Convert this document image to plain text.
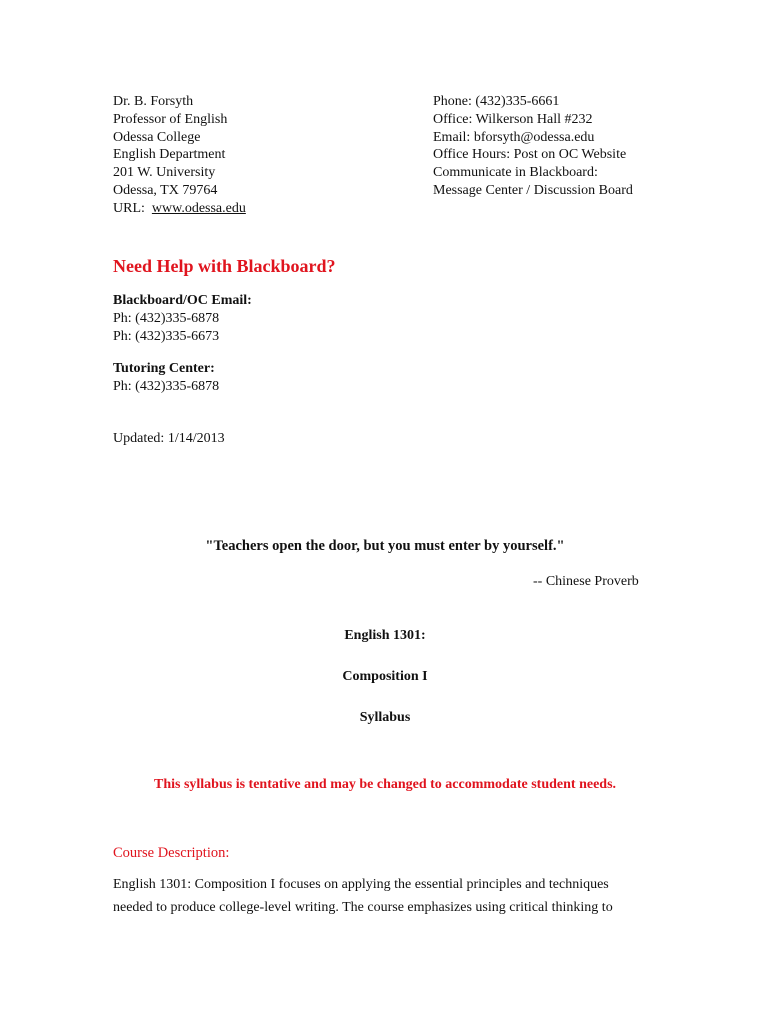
Dr. B. Forsyth
Professor of English
Odessa College
English Department
201 W. University
Odessa, TX 79764
URL: www.odessa.edu
Phone: (432)335-6661
Office: Wilkerson Hall #232
Email: bforsyth@odessa.edu
Office Hours: Post on OC Website
Communicate in Blackboard:
Message Center / Discussion Board
Need Help with Blackboard?
Blackboard/OC Email:
Ph: (432)335-6878
Ph: (432)335-6673
Tutoring Center:
Ph: (432)335-6878
Updated: 1/14/2013
"Teachers open the door, but you must enter by yourself."
-- Chinese Proverb
English 1301:
Composition I
Syllabus
This syllabus is tentative and may be changed to accommodate student needs.
Course Description:
English 1301: Composition I focuses on applying the essential principles and techniques
needed to produce college-level writing. The course emphasizes using critical thinking to
